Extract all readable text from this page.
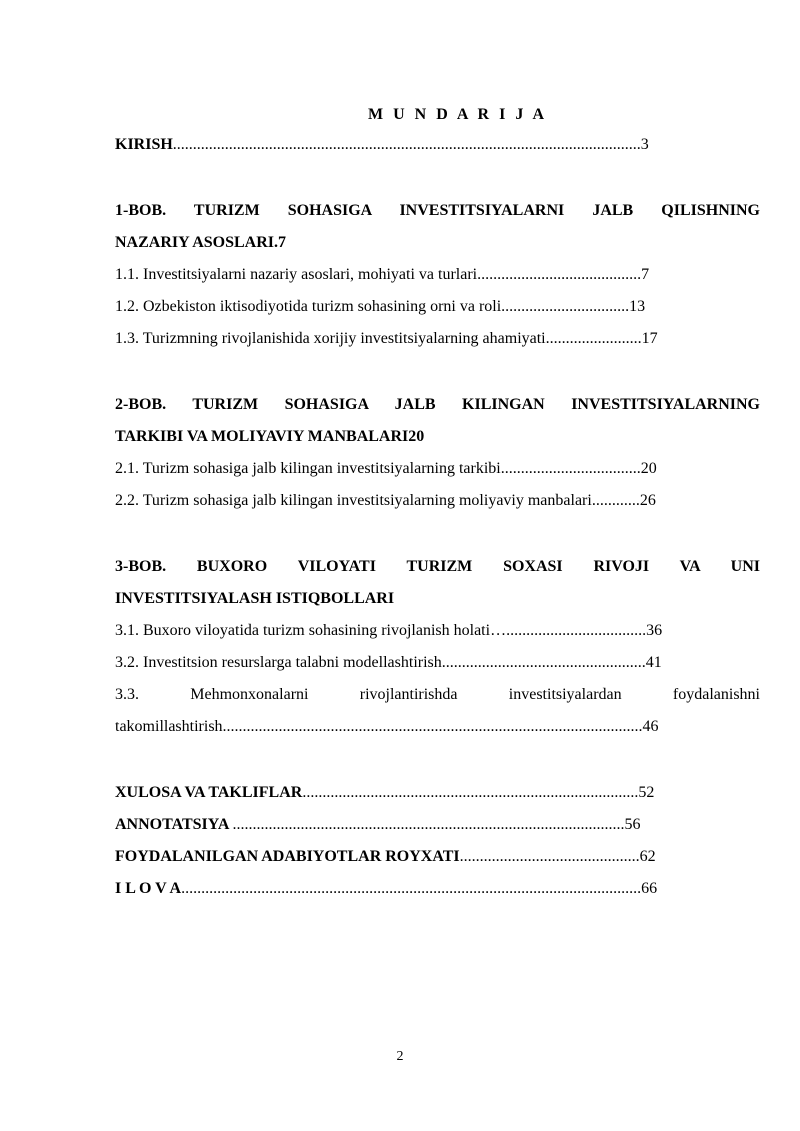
M U N D A R I J A
KIRISH.....................................................................................................................3
1-BOB. TURIZM SOHASIGA INVESTITSIYALARNI JALB QILISHNING
NAZARIY ASOSLARI.7
1.1. Investitsiyalarni nazariy asoslari, mohiyati va turlari.........................................7
1.2. Ozbekiston iktisodiyotida turizm sohasining orni va roli................................13
1.3. Turizmning rivojlanishida xorijiy investitsiyalarning ahamiyati........................17
2-BOB. TURIZM SOHASIGA JALB KILINGAN INVESTITSIYALARNING
TARKIBI VA MOLIYAVIY MANBALARI20
2.1. Turizm sohasiga jalb kilingan investitsiyalarning tarkibi...................................20
2.2. Turizm sohasiga jalb kilingan investitsiyalarning moliyaviy manbalari............26
3-BOB. BUXORO VILOYATI TURIZM SOXASI RIVOJI VA UNI
INVESTITSIYALASH ISTIQBOLLARI
3.1. Buxoro viloyatida turizm sohasining rivojlanish holati…...................................36
3.2. Investitsion resurslarga talabni modellashtirish...................................................41
3.3. Mehmonxonalarni rivojlantirishda investitsiyalardan foydalanishni
takomillashtirish.........................................................................................................46
XULOSA VA TAKLIFLAR....................................................................................52
ANNOTATSIYA ..................................................................................................56
FOYDALANILGAN ADABIYOTLAR ROYXATI.............................................62
I L O V A...................................................................................................................66
2
